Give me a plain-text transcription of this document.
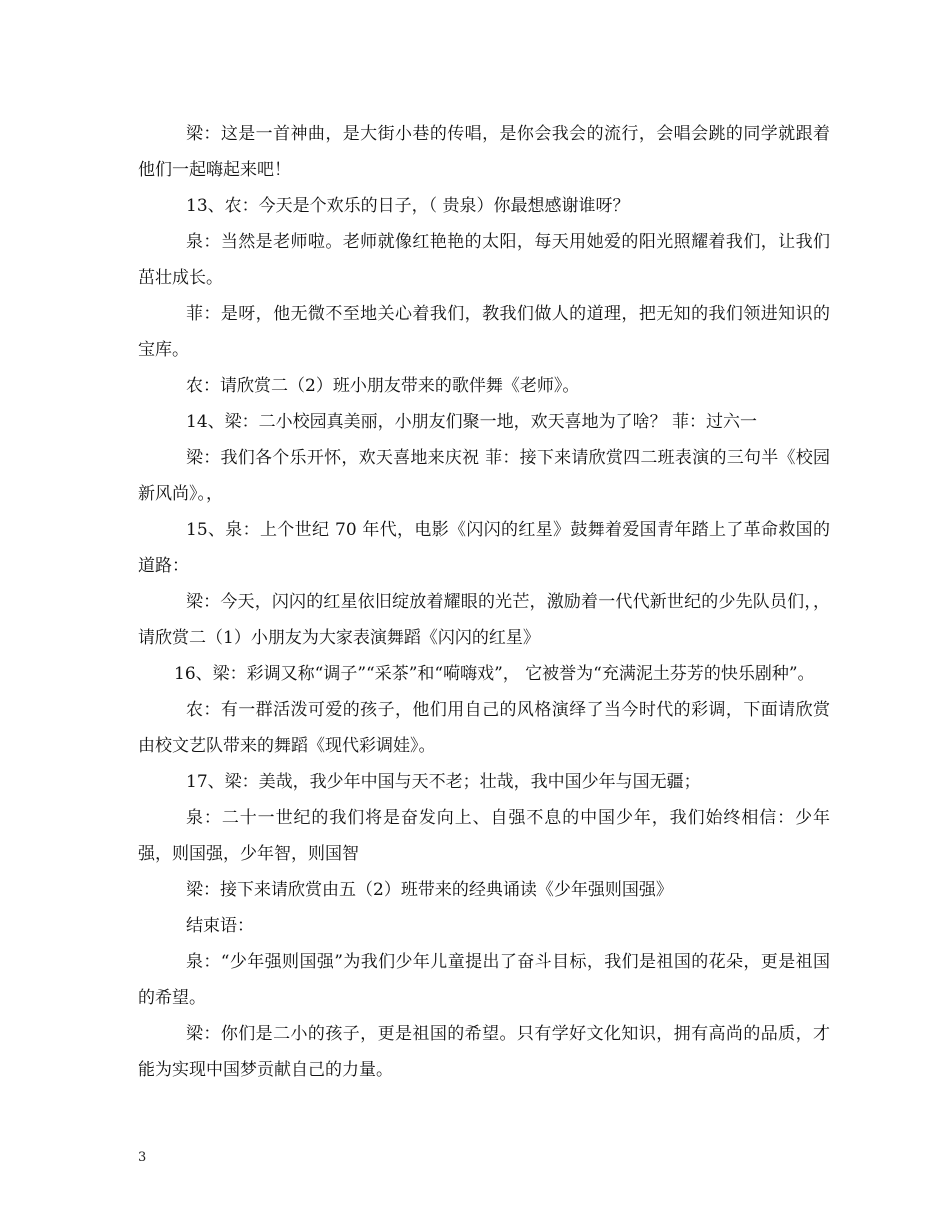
梁：这是一首神曲，是大街小巷的传唱，是你会我会的流行，会唱会跳的同学就跟着他们一起嗨起来吧！

13、农：今天是个欢乐的日子，（ 贵泉）你最想感谢谁呀？

泉：当然是老师啦。老师就像红艳艳的太阳，每天用她爱的阳光照耀着我们，让我们茁壮成长。

菲：是呀，他无微不至地关心着我们，教我们做人的道理，把无知的我们领进知识的宝库。

农：请欣赏二（2）班小朋友带来的歌伴舞《老师》。

14、梁：二小校园真美丽，小朋友们聚一地，欢天喜地为了啥？ 菲：过六一

梁：我们各个乐开怀，欢天喜地来庆祝 菲：接下来请欣赏四二班表演的三句半《校园新风尚》。，

15、泉：上个世纪 70 年代，电影《闪闪的红星》鼓舞着爱国青年踏上了革命救国的道路：

梁：今天，闪闪的红星依旧绽放着耀眼的光芒，激励着一代代新世纪的少先队员们，，请欣赏二（1）小朋友为大家表演舞蹈《闪闪的红星》

16、梁：彩调又称“调子”“采茶”和“嗬嗨戏”， 它被誉为“充满泥土芬芳的快乐剧种”。

农：有一群活泼可爱的孩子，他们用自己的风格演绎了当今时代的彩调，下面请欣赏由校文艺队带来的舞蹈《现代彩调娃》。

17、梁：美哉，我少年中国与天不老；壮哉，我中国少年与国无疆；

泉：二十一世纪的我们将是奋发向上、自强不息的中国少年，我们始终相信：少年强，则国强，少年智，则国智

梁：接下来请欣赏由五（2）班带来的经典诵读《少年强则国强》

结束语：

泉：“少年强则国强”为我们少年儿童提出了奋斗目标，我们是祖国的花朵，更是祖国的希望。

梁：你们是二小的孩子，更是祖国的希望。只有学好文化知识，拥有高尚的品质，才能为实现中国梦贡献自己的力量。

3
